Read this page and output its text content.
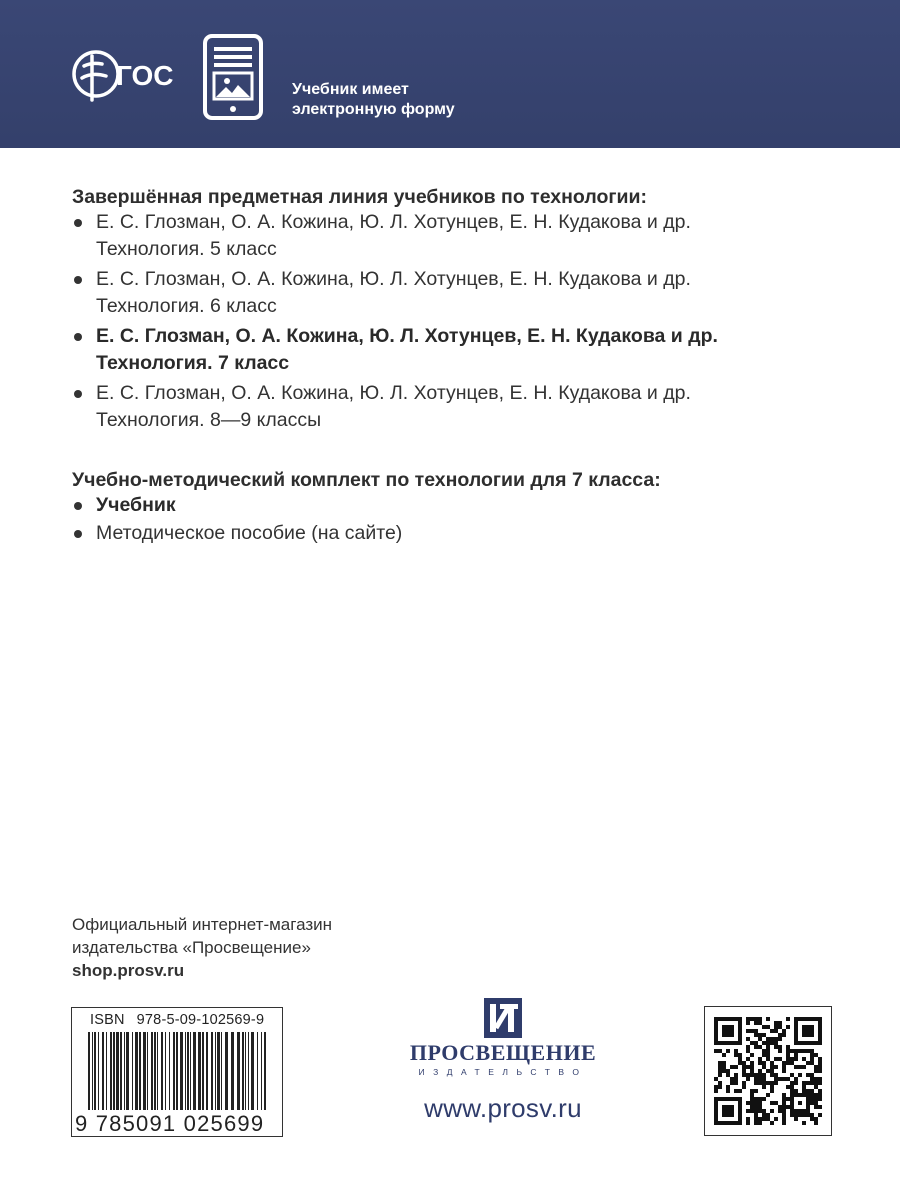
ГОС	Учебник имеет
электронную форму

Завершённая предметная линия учебников по технологии:

Е. С. Глозман, О. А. Кожина, Ю. Л. Хотунцев, Е. Н. Кудакова и др.
Технология. 5 класс
Е. С. Глозман, О. А. Кожина, Ю. Л. Хотунцев, Е. Н. Кудакова и др.
Технология. 6 класс
Е. С. Глозман, О. А. Кожина, Ю. Л. Хотунцев, Е. Н. Кудакова и др.
Технология. 7 класс
Е. С. Глозман, О. А. Кожина, Ю. Л. Хотунцев, Е. Н. Кудакова и др.
Технология. 8—9 классы

Учебно-методический комплект по технологии для 7 класса:

Учебник
Методическое пособие (на сайте)
Официальный интернет-магазин
издательства «Просвещение»
shop.prosv.ru
ISBN 978-5-09-102569-9
9 785091 025699
ПРОСВЕЩЕНИЕ
ИЗДАТЕЛЬСТВО
www.prosv.ru
